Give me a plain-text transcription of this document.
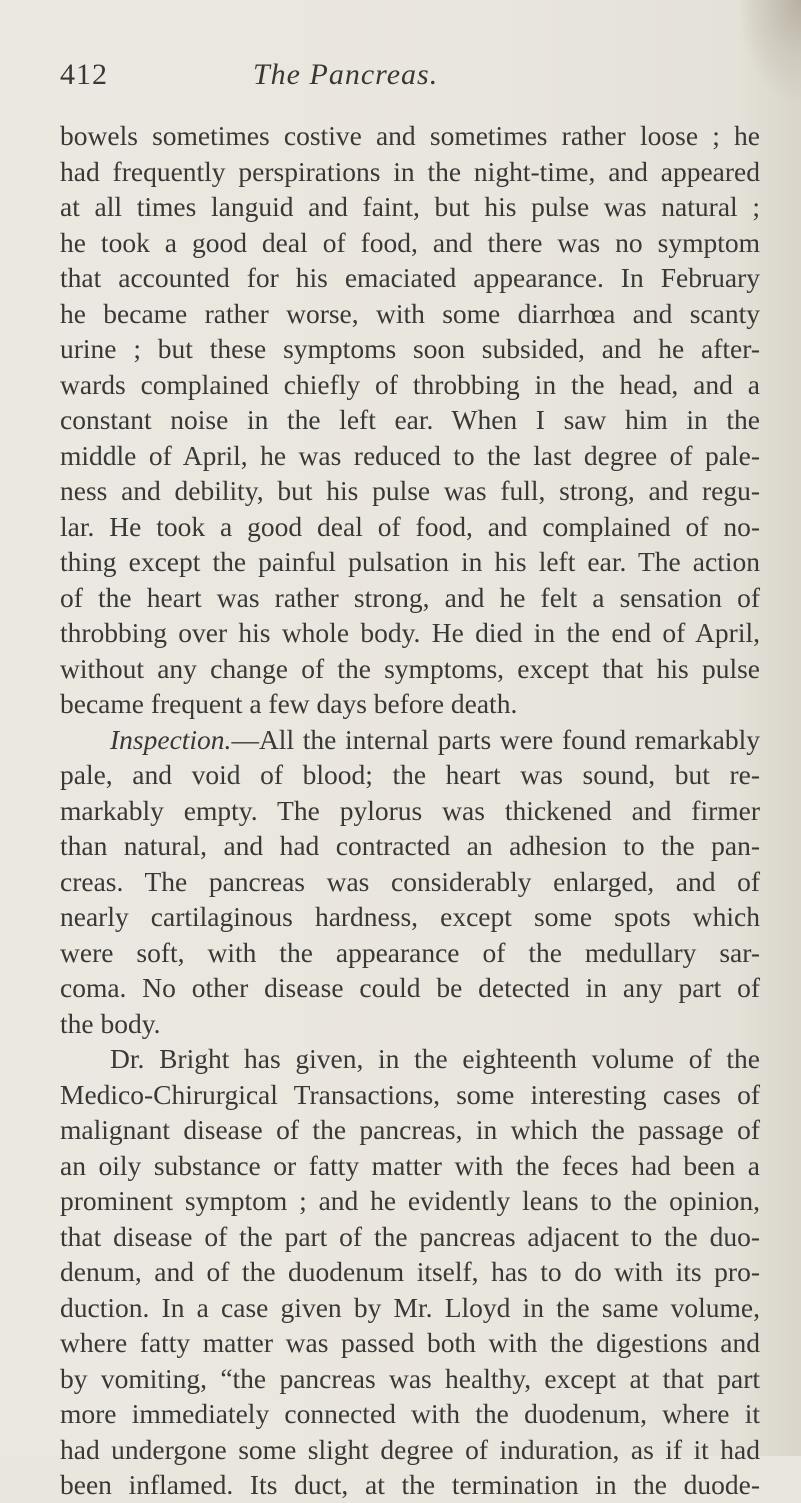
412	The Pancreas.
bowels sometimes costive and sometimes rather loose ; he
had frequently perspirations in the night-time, and appeared
at all times languid and faint, but his pulse was natural ;
he took a good deal of food, and there was no symptom
that accounted for his emaciated appearance. In February
he became rather worse, with some diarrhœa and scanty
urine ; but these symptoms soon subsided, and he after-
wards complained chiefly of throbbing in the head, and a
constant noise in the left ear. When I saw him in the
middle of April, he was reduced to the last degree of pale-
ness and debility, but his pulse was full, strong, and regu-
lar. He took a good deal of food, and complained of no-
thing except the painful pulsation in his left ear. The action
of the heart was rather strong, and he felt a sensation of
throbbing over his whole body. He died in the end of April,
without any change of the symptoms, except that his pulse
became frequent a few days before death.
Inspection.—All the internal parts were found remarkably
pale, and void of blood; the heart was sound, but re-
markably empty. The pylorus was thickened and firmer
than natural, and had contracted an adhesion to the pan-
creas. The pancreas was considerably enlarged, and of
nearly cartilaginous hardness, except some spots which
were soft, with the appearance of the medullary sar-
coma. No other disease could be detected in any part of
the body.
Dr. Bright has given, in the eighteenth volume of the
Medico-Chirurgical Transactions, some interesting cases of
malignant disease of the pancreas, in which the passage of
an oily substance or fatty matter with the feces had been a
prominent symptom ; and he evidently leans to the opinion,
that disease of the part of the pancreas adjacent to the duo-
denum, and of the duodenum itself, has to do with its pro-
duction. In a case given by Mr. Lloyd in the same volume,
where fatty matter was passed both with the digestions and
by vomiting, “the pancreas was healthy, except at that part
more immediately connected with the duodenum, where it
had undergone some slight degree of induration, as if it had
been inflamed. Its duct, at the termination in the duode-
